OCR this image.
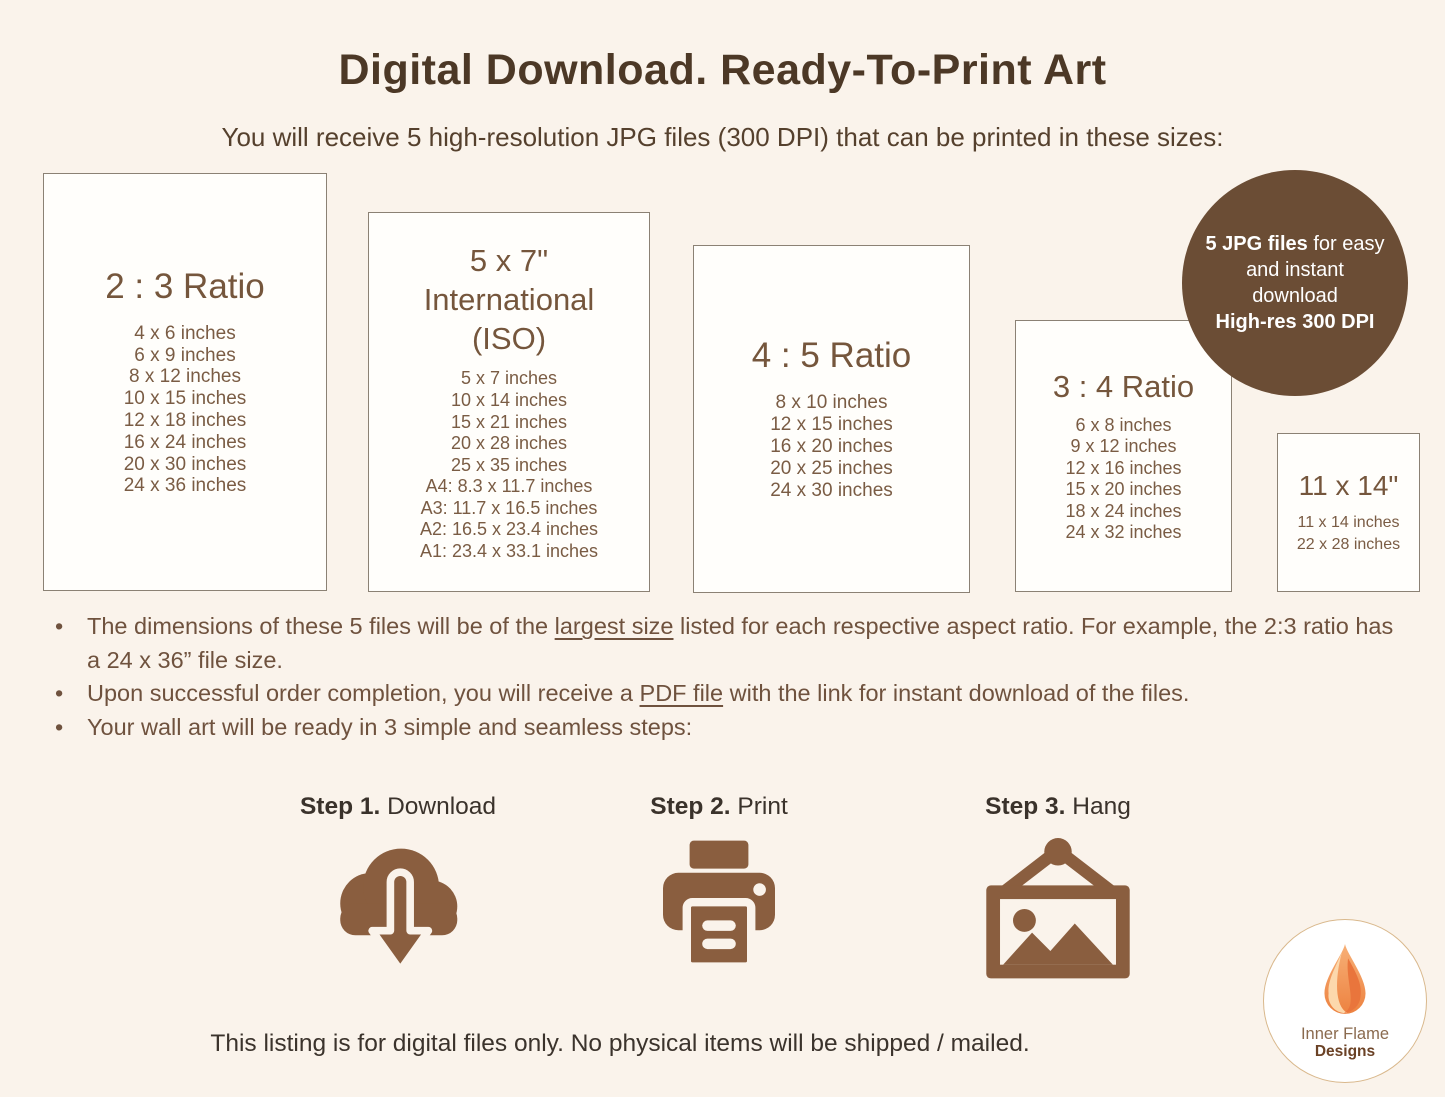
Digital Download. Ready-To-Print Art
You will receive 5 high-resolution JPG files (300 DPI) that can be printed in these sizes:
2 : 3 Ratio
4 x 6 inches
6 x 9 inches
8 x 12 inches
10 x 15 inches
12 x 18 inches
16 x 24 inches
20 x 30 inches
24 x 36 inches
5 x 7"
International
(ISO)
5 x 7 inches
10 x 14 inches
15 x 21 inches
20 x 28 inches
25 x 35 inches
A4: 8.3 x 11.7 inches
A3: 11.7 x 16.5 inches
A2: 16.5 x 23.4 inches
A1: 23.4 x 33.1 inches
4 : 5 Ratio
8 x 10 inches
12 x 15 inches
16 x 20 inches
20 x 25 inches
24 x 30 inches
3 : 4 Ratio
6 x 8 inches
9 x 12 inches
12 x 16 inches
15 x 20 inches
18 x 24 inches
24 x 32 inches
11 x 14"
11 x 14 inches
22 x 28 inches
5 JPG files for easy and instant download
High-res 300 DPI
•	The dimensions of these 5 files will be of the largest size listed for each respective aspect ratio. For example, the 2:3 ratio has a 24 x 36” file size.
•	Upon successful order completion, you will receive a PDF file with the link for instant download of the files.
•	Your wall art will be ready in 3 simple and seamless steps:
Step 1. Download	Step 2. Print	Step 3. Hang
This listing is for digital files only. No physical items will be shipped / mailed.	Inner Flame
Designs
